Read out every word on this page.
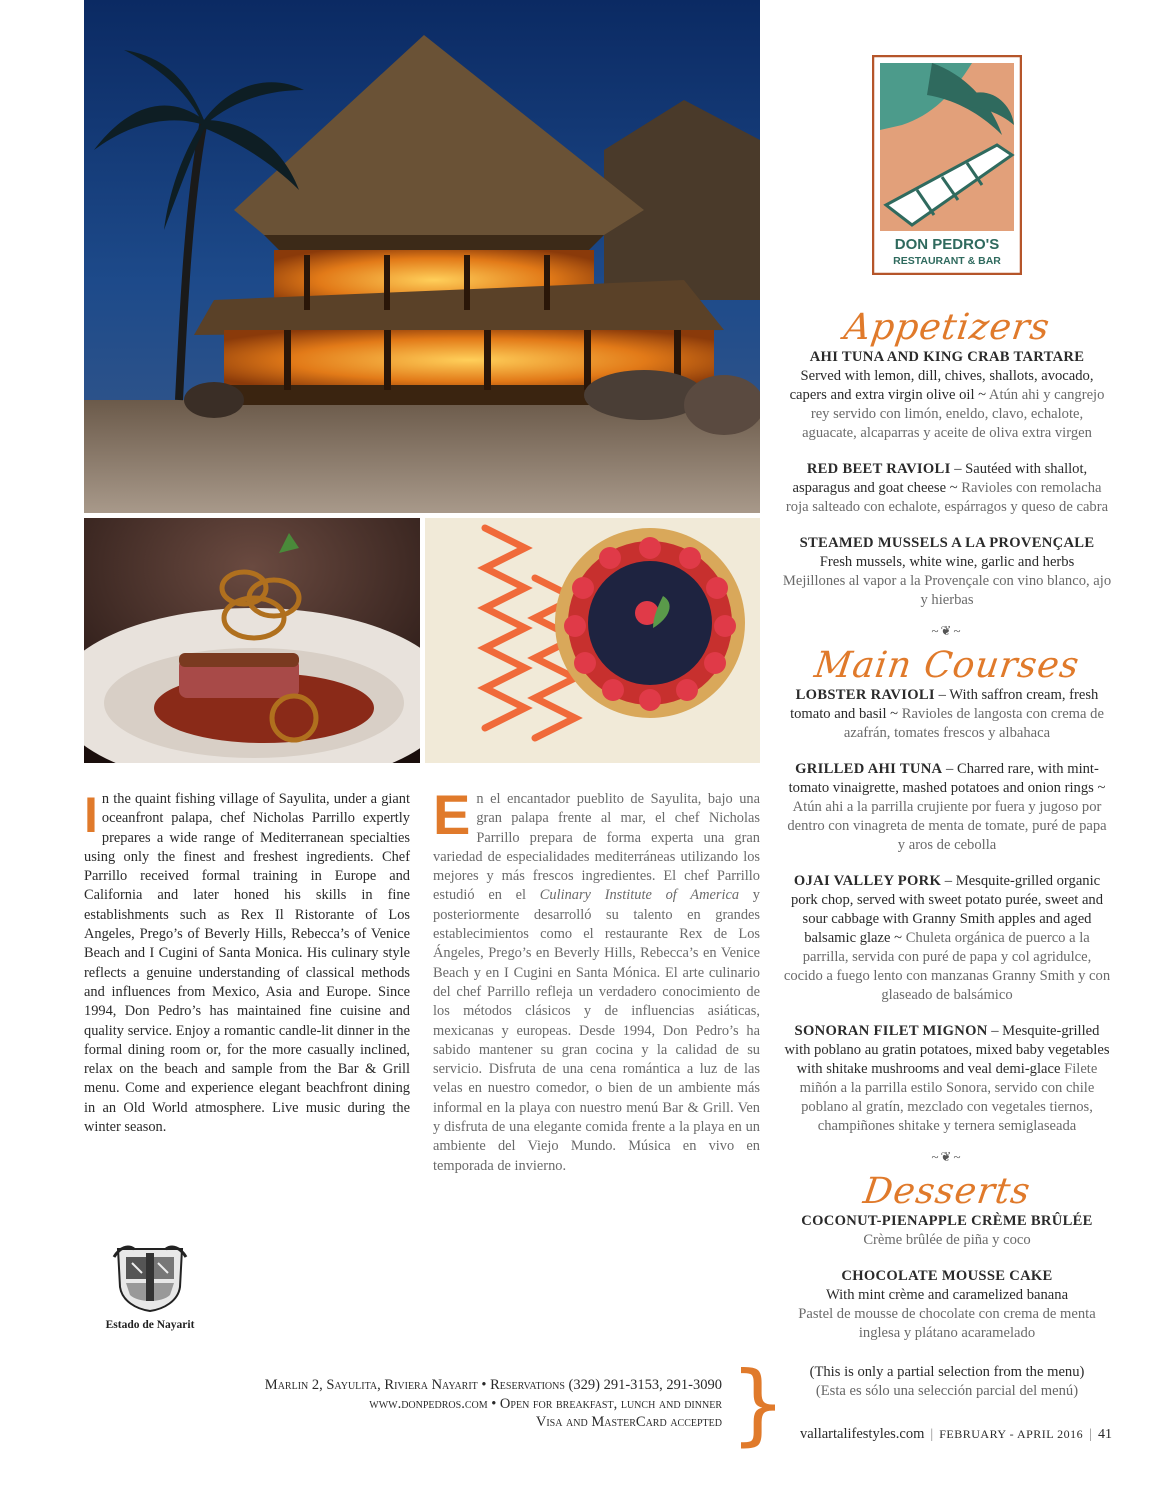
DON PEDRO'S
RESTAURANT & BAR
Appetizers
AHI TUNA AND KING CRAB TARTARE
Served with lemon, dill, chives, shallots, avocado, capers and extra virgin olive oil ~ Atún ahi y cangrejo rey servido con limón, eneldo, clavo, echalote, aguacate, alcaparras y aceite de oliva extra virgen
RED BEET RAVIOLI – Sautéed with shallot, asparagus and goat cheese ~ Ravioles con remolacha roja salteado con echalote, espárragos y queso de cabra
STEAMED MUSSELS A LA PROVENÇALE
Fresh mussels, white wine, garlic and herbs
Mejillones al vapor a la Provençale con vino blanco, ajo y hierbas
~❦~
Main Courses
LOBSTER RAVIOLI – With saffron cream, fresh tomato and basil ~ Ravioles de langosta con crema de azafrán, tomates frescos y albahaca
GRILLED AHI TUNA – Charred rare, with mint-tomato vinaigrette, mashed potatoes and onion rings ~ Atún ahi a la parrilla crujiente por fuera y jugoso por dentro con vinagreta de menta de tomate, puré de papa y aros de cebolla
OJAI VALLEY PORK – Mesquite-grilled organic pork chop, served with sweet potato purée, sweet and sour cabbage with Granny Smith apples and aged balsamic glaze ~ Chuleta orgánica de puerco a la parrilla, servida con puré de papa y col agridulce, cocido a fuego lento con manzanas Granny Smith y con glaseado de balsámico
SONORAN FILET MIGNON – Mesquite-grilled with poblano au gratin potatoes, mixed baby vegetables with shitake mushrooms and veal demi-glace Filete miñón a la parrilla estilo Sonora, servido con chile poblano al gratín, mezclado con vegetales tiernos, champiñones shitake y ternera semiglaseada
~❦~
Desserts
COCONUT-PIENAPPLE CRÈME BRÛLÉE
Crème brûlée de piña y coco
CHOCOLATE MOUSSE CAKE
With mint crème and caramelized banana
Pastel de mousse de chocolate con crema de menta inglesa y plátano acaramelado
(This is only a partial selection from the menu)
(Esta es sólo una selección parcial del menú)
In the quaint fishing village of Sayulita, under a giant oceanfront palapa, chef Nicholas Parrillo expertly prepares a wide range of Mediterranean specialties using only the finest and freshest ingredients. Chef Parrillo received formal training in Europe and California and later honed his skills in fine establishments such as Rex Il Ristorante of Los Angeles, Prego’s of Beverly Hills, Rebecca’s of Venice Beach and I Cugini of Santa Monica. His culinary style reflects a genuine understanding of classical methods and influences from Mexico, Asia and Europe. Since 1994, Don Pedro’s has maintained fine cuisine and quality service. Enjoy a romantic candle-lit dinner in the formal dining room or, for the more casually inclined, relax on the beach and sample from the Bar & Grill menu. Come and experience elegant beachfront dining in an Old World atmosphere. Live music during the winter season.
En el encantador pueblito de Sayulita, bajo una gran palapa frente al mar, el chef Nicholas Parrillo prepara de forma experta una gran variedad de especialidades mediterráneas utilizando los mejores y más frescos ingredientes. El chef Parrillo estudió en el Culinary Institute of America y posteriormente desarrolló su talento en grandes establecimientos como el restaurante Rex de Los Ángeles, Prego’s en Beverly Hills, Rebecca’s en Venice Beach y en I Cugini en Santa Mónica. El arte culinario del chef Parrillo refleja un verdadero conocimiento de los métodos clásicos y de influencias asiáticas, mexicanas y europeas. Desde 1994, Don Pedro’s ha sabido mantener su gran cocina y la calidad de su servicio. Disfruta de una cena romántica a luz de las velas en nuestro comedor, o bien de un ambiente más informal en la playa con nuestro menú Bar & Grill. Ven y disfruta de una elegante comida frente a la playa en un ambiente del Viejo Mundo. Música en vivo en temporada de invierno.
Estado de Nayarit
Marlin 2, Sayulita, Riviera Nayarit • Reservations (329) 291-3153, 291-3090
www.donpedros.com • Open for breakfast, lunch and dinner
Visa and MasterCard accepted } vallartalifestyles.com | FEBRUARY - APRIL 2016 | 41
